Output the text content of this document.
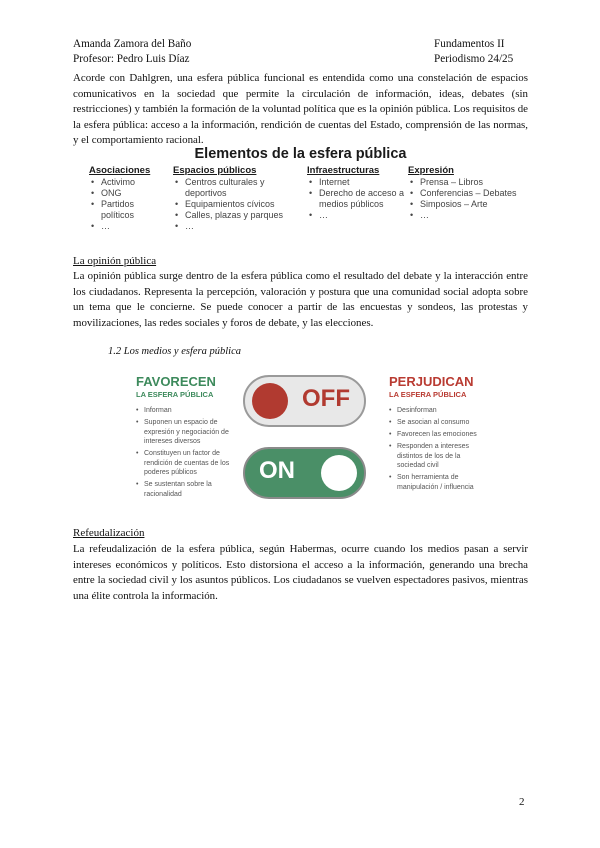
Amanda Zamora del Baño
Profesor: Pedro Luis Díaz
Fundamentos II
Periodismo 24/25

Acorde con Dahlgren, una esfera pública funcional es entendida como una constelación de espacios comunicativos en la sociedad que permite la circulación de información, ideas, debates (sin restricciones) y también la formación de la voluntad política que es la opinión pública. Los requisitos de la esfera pública: acceso a la información, rendición de cuentas del Estado, comprensión de las normas, y el comportamiento racional.

Elementos de la esfera pública
Asociaciones
• Activimo
• ONG
• Partidos políticos
• …
Espacios públicos
• Centros culturales y deportivos
• Equipamientos cívicos
• Calles, plazas y parques
• …
Infraestructuras
• Internet
• Derecho de acceso a medios públicos
• …
Expresión
• Prensa – Libros
• Conferencias – Debates
• Simposios – Arte
• …
La opinión pública

La opinión pública surge dentro de la esfera pública como el resultado del debate y la interacción entre los ciudadanos. Representa la percepción, valoración y postura que una comunidad social adopta sobre un tema que le concierne. Se puede conocer a partir de las encuestas y sondeos, las protestas y movilizaciones, las redes sociales y foros de debate, y las elecciones.

1.2 Los medios y esfera pública
FAVORECEN
LA ESFERA PÚBLICA
• Informan
• Suponen un espacio de expresión y negociación de intereses diversos
• Constituyen un factor de rendición de cuentas de los poderes públicos
• Se sustentan sobre la racionalidad
OFF
ON
PERJUDICAN
LA ESFERA PÚBLICA
• Desinforman
• Se asocian al consumo
• Favorecen las emociones
• Responden a intereses distintos de los de la sociedad civil
• Son herramienta de manipulación / influencia
Refeudalización

La refeudalización de la esfera pública, según Habermas, ocurre cuando los medios pasan a servir intereses económicos y políticos. Esto distorsiona el acceso a la información, generando una brecha entre la sociedad civil y los asuntos públicos. Los ciudadanos se vuelven espectadores pasivos, mientras una élite controla la información.

2
